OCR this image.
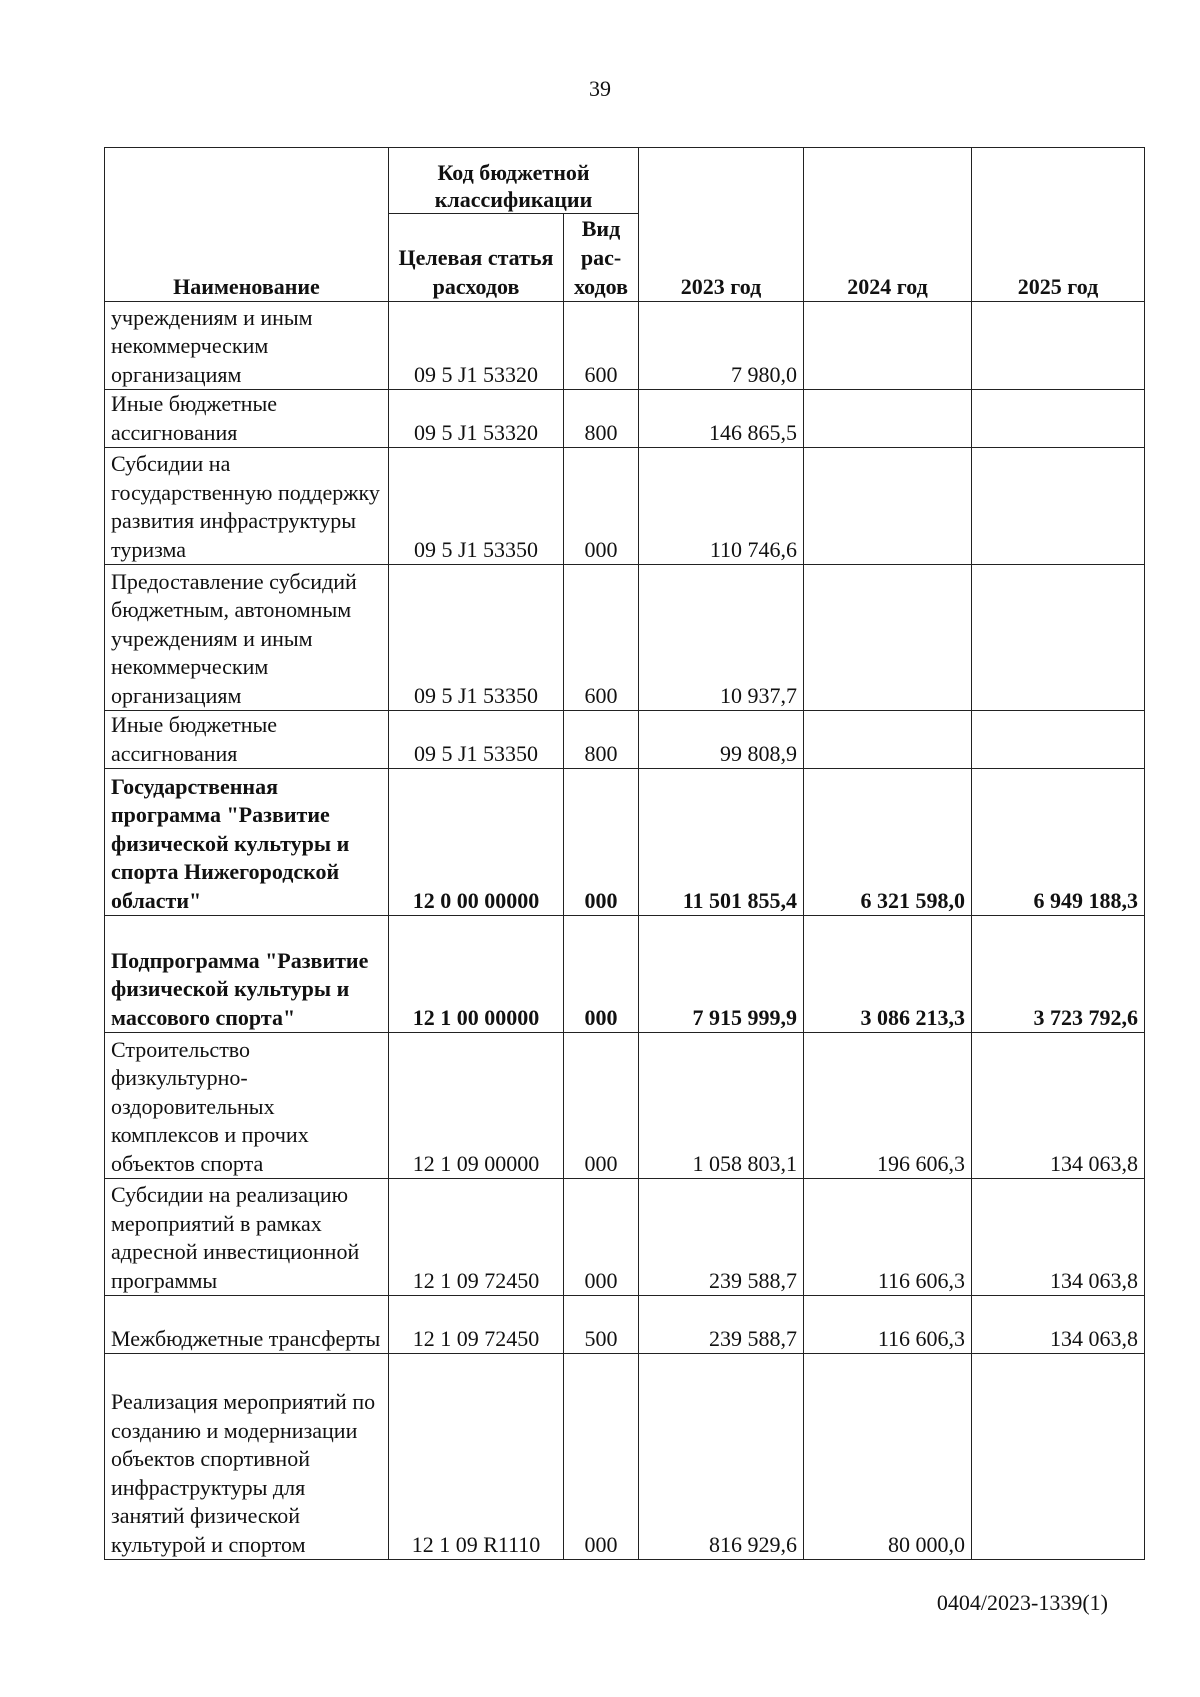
39
Наименование	Код бюджетной классификации		2023 год	2024 год	2025 год
	Целевая статья расходов	Вид рас-ходов			
учреждениям и иным некоммерческим организациям	09 5 J1 53320	600	7 980,0		
Иные бюджетные ассигнования	09 5 J1 53320	800	146 865,5		
Субсидии на государственную поддержку развития инфраструктуры туризма	09 5 J1 53350	000	110 746,6		
Предоставление субсидий бюджетным, автономным учреждениям и иным некоммерческим организациям	09 5 J1 53350	600	10 937,7		
Иные бюджетные ассигнования	09 5 J1 53350	800	99 808,9		
Государственная программа "Развитие физической культуры и спорта Нижегородской области"	12 0 00 00000	000	11 501 855,4	6 321 598,0	6 949 188,3
Подпрограмма "Развитие физической культуры и массового спорта"	12 1 00 00000	000	7 915 999,9	3 086 213,3	3 723 792,6
Строительство физкультурно-оздоровительных комплексов и прочих объектов спорта	12 1 09 00000	000	1 058 803,1	196 606,3	134 063,8
Субсидии на реализацию мероприятий в рамках адресной инвестиционной программы	12 1 09 72450	000	239 588,7	116 606,3	134 063,8
Межбюджетные трансферты	12 1 09 72450	500	239 588,7	116 606,3	134 063,8
Реализация мероприятий по созданию и модернизации объектов спортивной инфраструктуры для занятий физической культурой и спортом	12 1 09 R1110	000	816 929,6	80 000,0	
0404/2023-1339(1)
